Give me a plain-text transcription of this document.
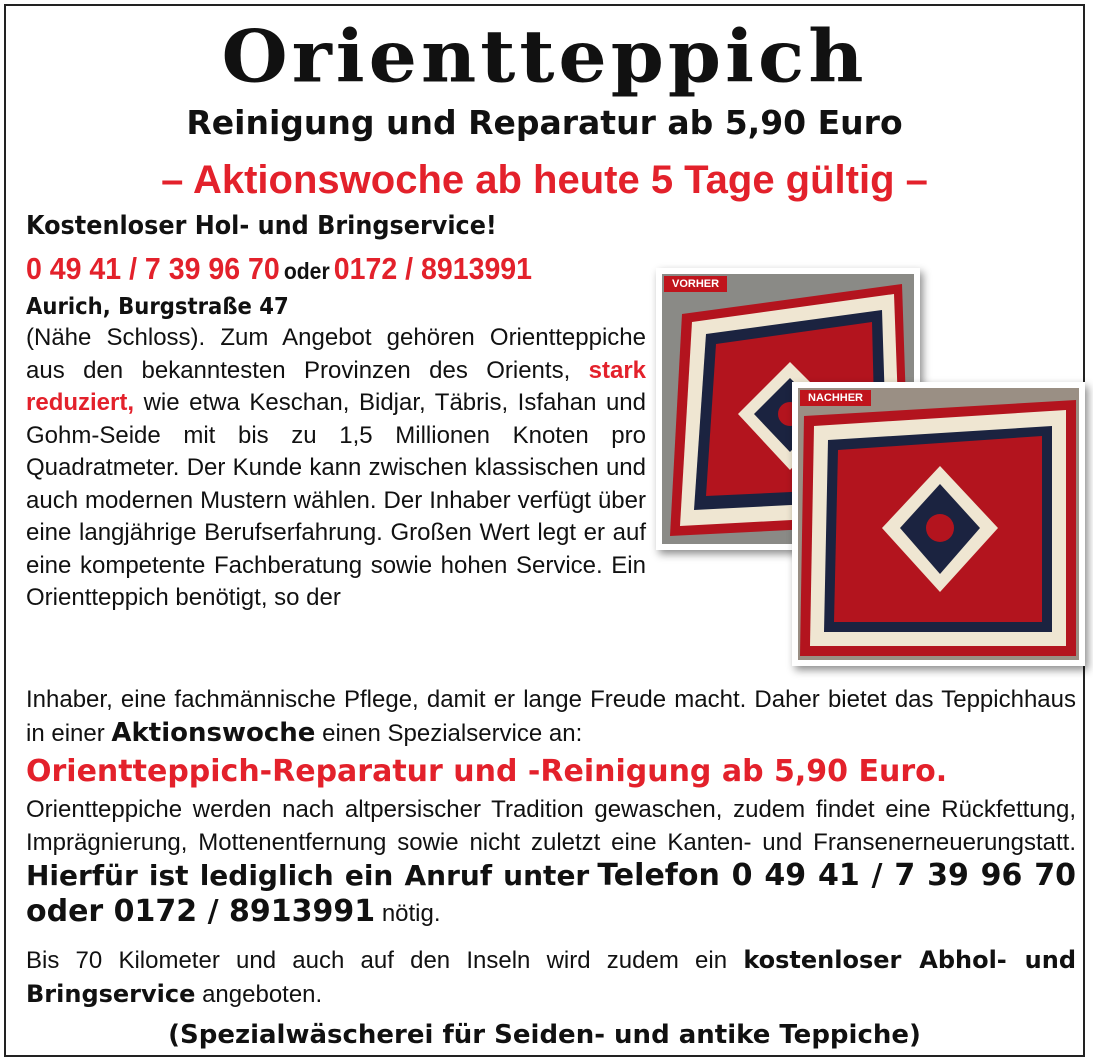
Orientteppich
Reinigung und Reparatur ab 5,90 Euro
– Aktionswoche ab heute 5 Tage gültig –
Kostenloser Hol- und Bringservice!
0 49 41 / 7 39 96 70 oder 0172 / 8913991
Aurich, Burgstraße 47
(Nähe Schloss). Zum Angebot gehören Orientteppiche aus den bekanntesten Provinzen des Orients, stark reduziert, wie etwa Keschan, Bidjar, Täbris, Isfahan und Gohm-Seide mit bis zu 1,5 Millionen Knoten pro Quadratmeter. Der Kunde kann zwischen klassischen und auch modernen Mustern wählen. Der Inhaber verfügt über eine langjährige Berufserfahrung. Großen Wert legt er auf eine kompetente Fachberatung sowie hohen Service. Ein Orientteppich benötigt, so der
VORHER
NACHHER
Inhaber, eine fachmännische Pflege, damit er lange Freude macht. Daher bietet das Teppichhaus in einer Aktionswoche einen Spezialservice an:
Orientteppich-Reparatur und -Reinigung ab 5,90 Euro.
Orientteppiche werden nach altpersischer Tradition gewaschen, zudem findet eine Rückfettung, Imprägnierung, Mottenentfernung sowie nicht zuletzt eine Kanten- und Fransenerneuerungstatt. Hierfür ist lediglich ein Anruf unter Telefon 0 49 41 / 7 39 96 70 oder 0172 / 8913991 nötig.
Bis 70 Kilometer und auch auf den Inseln wird zudem ein kostenloser Abhol- und Bringservice angeboten.
(Spezialwäscherei für Seiden- und antike Teppiche)
